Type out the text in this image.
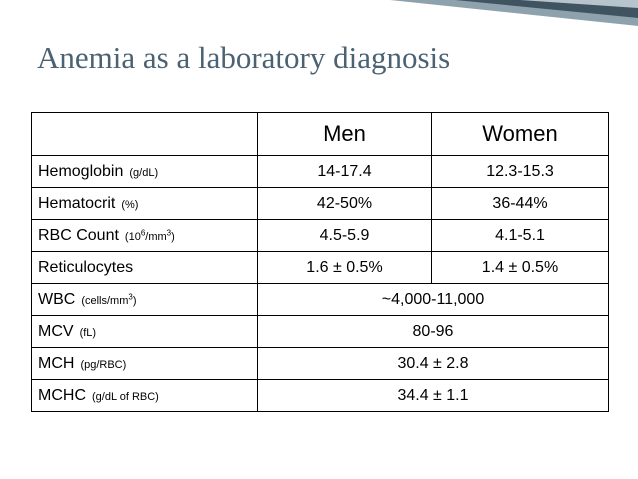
Anemia as a laboratory diagnosis
	Men	Women
Hemoglobin (g/dL)	14-17.4	12.3-15.3
Hematocrit (%)	42-50%	36-44%
RBC Count $(10^6/mm^3)$	4.5-5.9	4.1-5.1
Reticulocytes	1.6 ± 0.5%	1.4 ± 0.5%
WBC $(cells/mm^3)$	~4,000-11,000	
MCV (fL)	80-96	
MCH (pg/RBC)	30.4 ± 2.8	
MCHC (g/dL of RBC)	34.4 ± 1.1	
